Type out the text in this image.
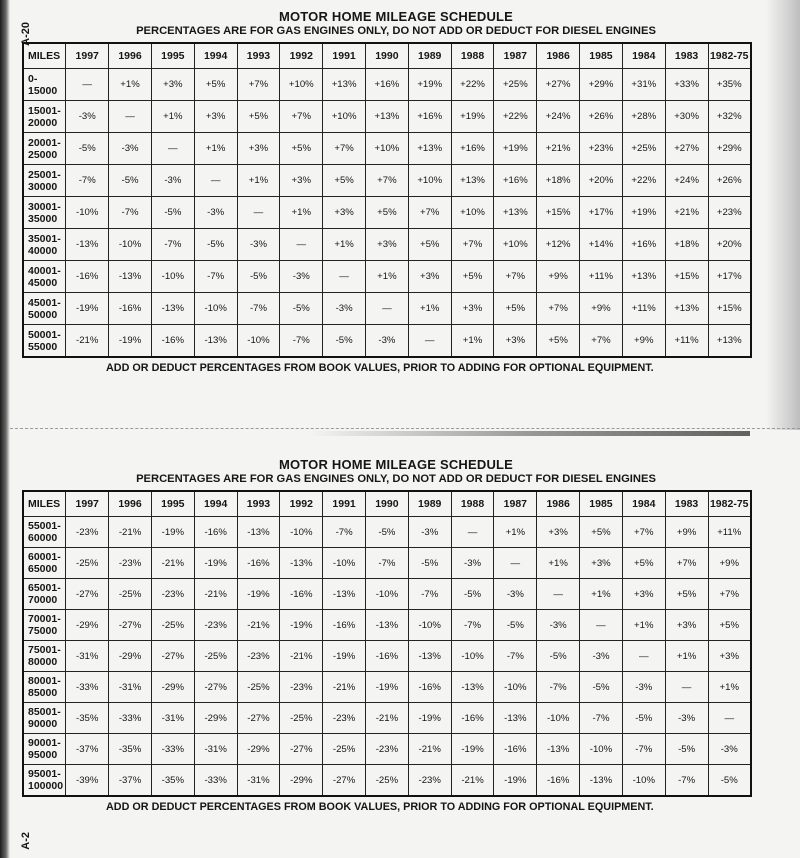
A-20
A-2
MOTOR HOME MILEAGE SCHEDULE
PERCENTAGES ARE FOR GAS ENGINES ONLY, DO NOT ADD OR DEDUCT FOR DIESEL ENGINES
MILES	1997	1996	1995	1994	1993	1992	1991	1990	1989	1988	1987	1986	1985	1984	1983	1982-75
0-15000	—	+1%	+3%	+5%	+7%	+10%	+13%	+16%	+19%	+22%	+25%	+27%	+29%	+31%	+33%	+35%
15001-20000	-3%	—	+1%	+3%	+5%	+7%	+10%	+13%	+16%	+19%	+22%	+24%	+26%	+28%	+30%	+32%
20001-25000	-5%	-3%	—	+1%	+3%	+5%	+7%	+10%	+13%	+16%	+19%	+21%	+23%	+25%	+27%	+29%
25001-30000	-7%	-5%	-3%	—	+1%	+3%	+5%	+7%	+10%	+13%	+16%	+18%	+20%	+22%	+24%	+26%
30001-35000	-10%	-7%	-5%	-3%	—	+1%	+3%	+5%	+7%	+10%	+13%	+15%	+17%	+19%	+21%	+23%
35001-40000	-13%	-10%	-7%	-5%	-3%	—	+1%	+3%	+5%	+7%	+10%	+12%	+14%	+16%	+18%	+20%
40001-45000	-16%	-13%	-10%	-7%	-5%	-3%	—	+1%	+3%	+5%	+7%	+9%	+11%	+13%	+15%	+17%
45001-50000	-19%	-16%	-13%	-10%	-7%	-5%	-3%	—	+1%	+3%	+5%	+7%	+9%	+11%	+13%	+15%
50001-55000	-21%	-19%	-16%	-13%	-10%	-7%	-5%	-3%	—	+1%	+3%	+5%	+7%	+9%	+11%	+13%
ADD OR DEDUCT PERCENTAGES FROM BOOK VALUES, PRIOR TO ADDING FOR OPTIONAL EQUIPMENT.
MOTOR HOME MILEAGE SCHEDULE
PERCENTAGES ARE FOR GAS ENGINES ONLY, DO NOT ADD OR DEDUCT FOR DIESEL ENGINES
MILES	1997	1996	1995	1994	1993	1992	1991	1990	1989	1988	1987	1986	1985	1984	1983	1982-75
55001-60000	-23%	-21%	-19%	-16%	-13%	-10%	-7%	-5%	-3%	—	+1%	+3%	+5%	+7%	+9%	+11%
60001-65000	-25%	-23%	-21%	-19%	-16%	-13%	-10%	-7%	-5%	-3%	—	+1%	+3%	+5%	+7%	+9%
65001-70000	-27%	-25%	-23%	-21%	-19%	-16%	-13%	-10%	-7%	-5%	-3%	—	+1%	+3%	+5%	+7%
70001-75000	-29%	-27%	-25%	-23%	-21%	-19%	-16%	-13%	-10%	-7%	-5%	-3%	—	+1%	+3%	+5%
75001-80000	-31%	-29%	-27%	-25%	-23%	-21%	-19%	-16%	-13%	-10%	-7%	-5%	-3%	—	+1%	+3%
80001-85000	-33%	-31%	-29%	-27%	-25%	-23%	-21%	-19%	-16%	-13%	-10%	-7%	-5%	-3%	—	+1%
85001-90000	-35%	-33%	-31%	-29%	-27%	-25%	-23%	-21%	-19%	-16%	-13%	-10%	-7%	-5%	-3%	—
90001-95000	-37%	-35%	-33%	-31%	-29%	-27%	-25%	-23%	-21%	-19%	-16%	-13%	-10%	-7%	-5%	-3%
95001-100000	-39%	-37%	-35%	-33%	-31%	-29%	-27%	-25%	-23%	-21%	-19%	-16%	-13%	-10%	-7%	-5%
ADD OR DEDUCT PERCENTAGES FROM BOOK VALUES, PRIOR TO ADDING FOR OPTIONAL EQUIPMENT.
